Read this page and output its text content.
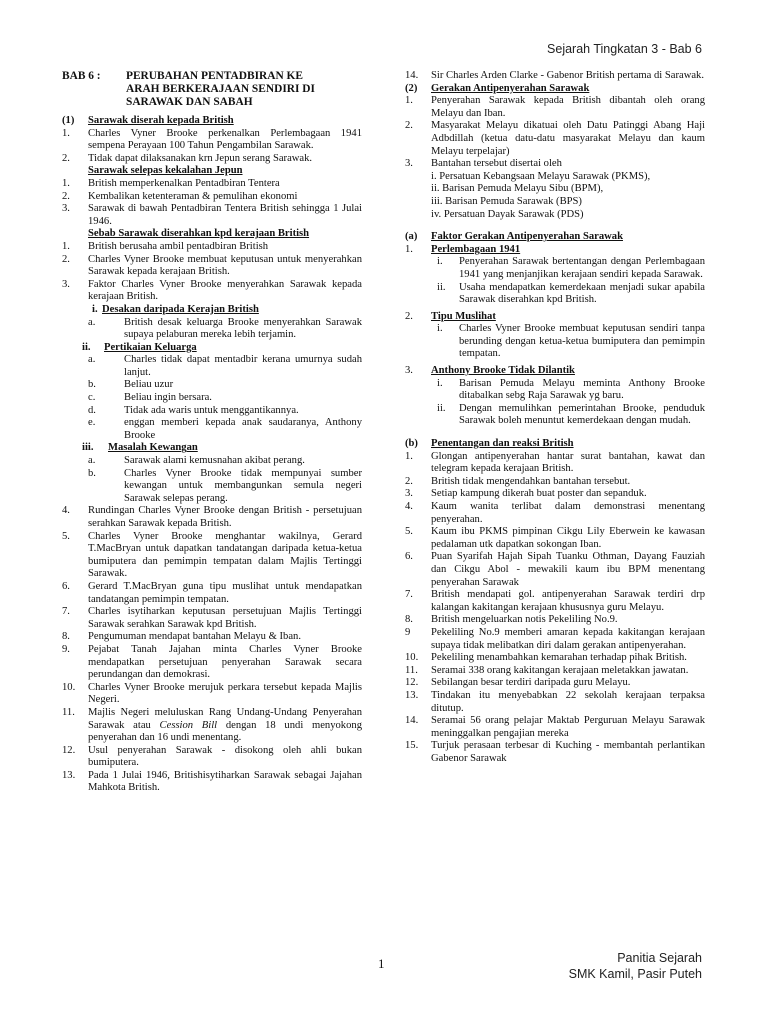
Sejarah Tingkatan 3 - Bab 6
BAB 6 :	PERUBAHAN PENTADBIRAN KE
ARAH BERKERAJAAN SENDIRI DI
SARAWAK DAN SABAH
(1)	Sarawak diserah kepada British
1.	Charles Vyner Brooke perkenalkan Perlembagaan 1941 sempena Perayaan 100 Tahun Pengambilan Sarawak.
2.	Tidak dapat dilaksanakan krn Jepun serang Sarawak.
Sarawak selepas kekalahan Jepun
1.	British memperkenalkan Pentadbiran Tentera
2.	Kembalikan ketenteraman & pemulihan ekonomi
3.	Sarawak di bawah Pentadbiran Tentera British sehingga 1 Julai 1946.
Sebab Sarawak diserahkan kpd kerajaan British
1.	British berusaha ambil pentadbiran British
2.	Charles Vyner Brooke membuat keputusan untuk menyerahkan Sarawak kepada kerajaan British.
3.	Faktor Charles Vyner Brooke menyerahkan Sarawak kepada kerajaan British.
i. Desakan daripada Kerajan British
a.	British desak keluarga Brooke menyerahkan Sarawak supaya pelaburan mereka lebih terjamin.
ii.	Pertikaian Keluarga
a.	Charles tidak dapat mentadbir kerana umurnya sudah lanjut.
b.	Beliau uzur
c.	Beliau ingin bersara.
d.	Tidak ada waris untuk menggantikannya.
e.	enggan memberi kepada anak saudaranya, Anthony Brooke
iii.	Masalah Kewangan
a.	Sarawak alami kemusnahan akibat perang.
b.	Charles Vyner Brooke tidak mempunyai sumber kewangan untuk membangunkan semula negeri Sarawak selepas perang.
4.	Rundingan Charles Vyner Brooke dengan British - persetujuan serahkan Sarawak kepada British.
5.	Charles Vyner Brooke menghantar wakilnya, Gerard T.MacBryan untuk dapatkan tandatangan daripada ketua-ketua bumiputera dan pemimpin tempatan dalam Majlis Tertinggi Sarawak.
6.	Gerard T.MacBryan guna tipu muslihat untuk mendapatkan tandatangan pemimpin tempatan.
7.	Charles isytiharkan keputusan persetujuan Majlis Tertinggi Sarawak serahkan Sarawak kpd British.
8.	Pengumuman mendapat bantahan Melayu & Iban.
9.	Pejabat Tanah Jajahan minta Charles Vyner Brooke mendapatkan persetujuan penyerahan Sarawak secara perundangan dan demokrasi.
10.	Charles Vyner Brooke merujuk perkara tersebut kepada Majlis Negeri.
11.	Majlis Negeri meluluskan Rang Undang-Undang Penyerahan Sarawak atau Cession Bill dengan 18 undi menyokong penyerahan dan 16 undi menentang.
12.	Usul penyerahan Sarawak - disokong oleh ahli bukan bumiputera.
13.	Pada 1 Julai 1946, Britishisytiharkan Sarawak sebagai Jajahan Mahkota British.
14.	Sir Charles Arden Clarke - Gabenor British pertama di Sarawak.
(2)	Gerakan Antipenyerahan Sarawak
1.	Penyerahan Sarawak kepada British dibantah oleh orang Melayu dan Iban.
2.	Masyarakat Melayu dikatuai oleh Datu Patinggi Abang Haji Adbdillah (ketua datu-datu masyarakat Melayu dan kaum Melayu terpelajar)
3.	Bantahan tersebut disertai oleh
i. Persatuan Kebangsaan Melayu Sarawak (PKMS),
ii. Barisan Pemuda Melayu Sibu (BPM),
iii. Barisan Pemuda Sarawak (BPS)
iv. Persatuan Dayak Sarawak (PDS)
(a)	Faktor Gerakan Antipenyerahan Sarawak
1.	Perlembagaan 1941
i.	Penyerahan Sarawak bertentangan dengan Perlembagaan 1941 yang menjanjikan kerajaan sendiri kepada Sarawak.
ii.	Usaha mendapatkan kemerdekaan menjadi sukar apabila Sarawak diserahkan kpd British.
2.	Tipu Muslihat
i.	Charles Vyner Brooke membuat keputusan sendiri tanpa berunding dengan ketua-ketua bumiputera dan pemimpin tempatan.
3.	Anthony Brooke Tidak Dilantik
i.	Barisan Pemuda Melayu meminta Anthony Brooke ditabalkan sebg Raja Sarawak yg baru.
ii.	Dengan memulihkan pemerintahan Brooke, penduduk Sarawak boleh menuntut kemerdekaan dengan mudah.
(b)	Penentangan dan reaksi British
1.	Glongan antipenyerahan hantar surat bantahan, kawat dan telegram kepada kerajaan British.
2.	British tidak mengendahkan bantahan tersebut.
3.	Setiap kampung dikerah buat poster dan sepanduk.
4.	Kaum wanita terlibat dalam demonstrasi menentang penyerahan.
5.	Kaum ibu PKMS pimpinan Cikgu Lily Eberwein ke kawasan pedalaman utk dapatkan sokongan Iban.
6.	Puan Syarifah Hajah Sipah Tuanku Othman, Dayang Fauziah dan Cikgu Abol - mewakili kaum ibu BPM menentang penyerahan Sarawak
7.	British mendapati gol. antipenyerahan Sarawak terdiri drp kalangan kakitangan kerajaan khususnya guru Melayu.
8.	British mengeluarkan notis Pekeliling No.9.
9	Pekeliling No.9 memberi amaran kepada kakitangan kerajaan supaya tidak melibatkan diri dalam gerakan antipenyerahan.
10.	Pekeliling menambahkan kemarahan terhadap pihak British.
11.	Seramai 338 orang kakitangan kerajaan meletakkan jawatan.
12.	Sebilangan besar terdiri daripada guru Melayu.
13.	Tindakan itu menyebabkan 22 sekolah kerajaan terpaksa ditutup.
14.	Seramai 56 orang pelajar Maktab Perguruan Melayu Sarawak meninggalkan pengajian mereka
15.	Turjuk perasaan terbesar di Kuching - membantah perlantikan Gabenor Sarawak
1	Panitia Sejarah
SMK Kamil, Pasir Puteh
